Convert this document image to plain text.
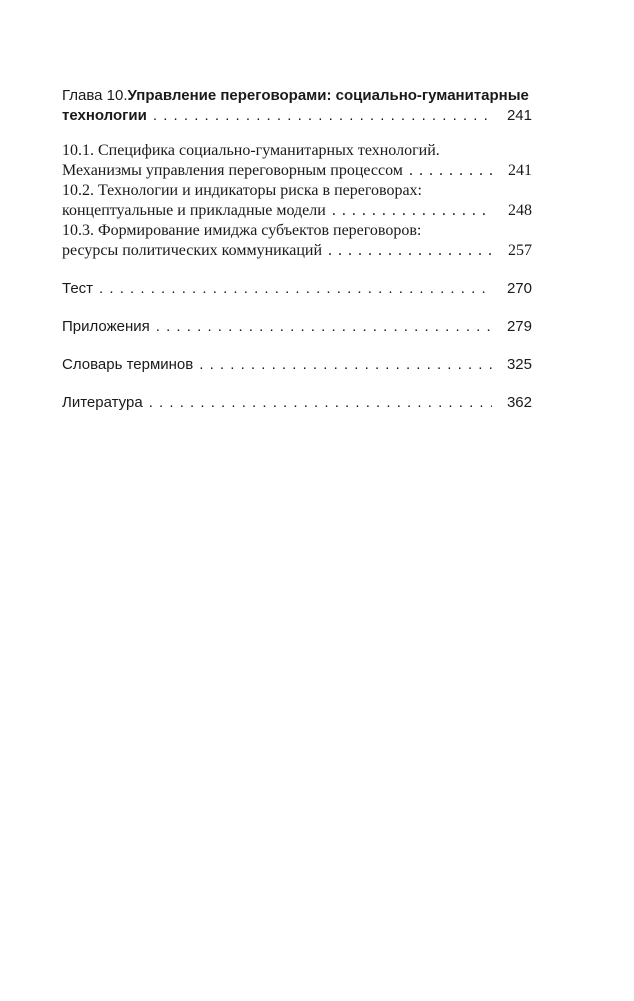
Глава 10. Управление переговорами: социально-гуманитарные
технологии . . .	241
10.1. Специфика социально-гуманитарных технологий.
Механизмы управления переговорным процессом . . .	241
10.2. Технологии и индикаторы риска в переговорах:
концептуальные и прикладные модели . . .	248
10.3. Формирование имиджа субъектов переговоров:
ресурсы политических коммуникаций . . .	257
Тест . . .	270
Приложения . . .	279
Словарь терминов . . .	325
Литература . . .	362
